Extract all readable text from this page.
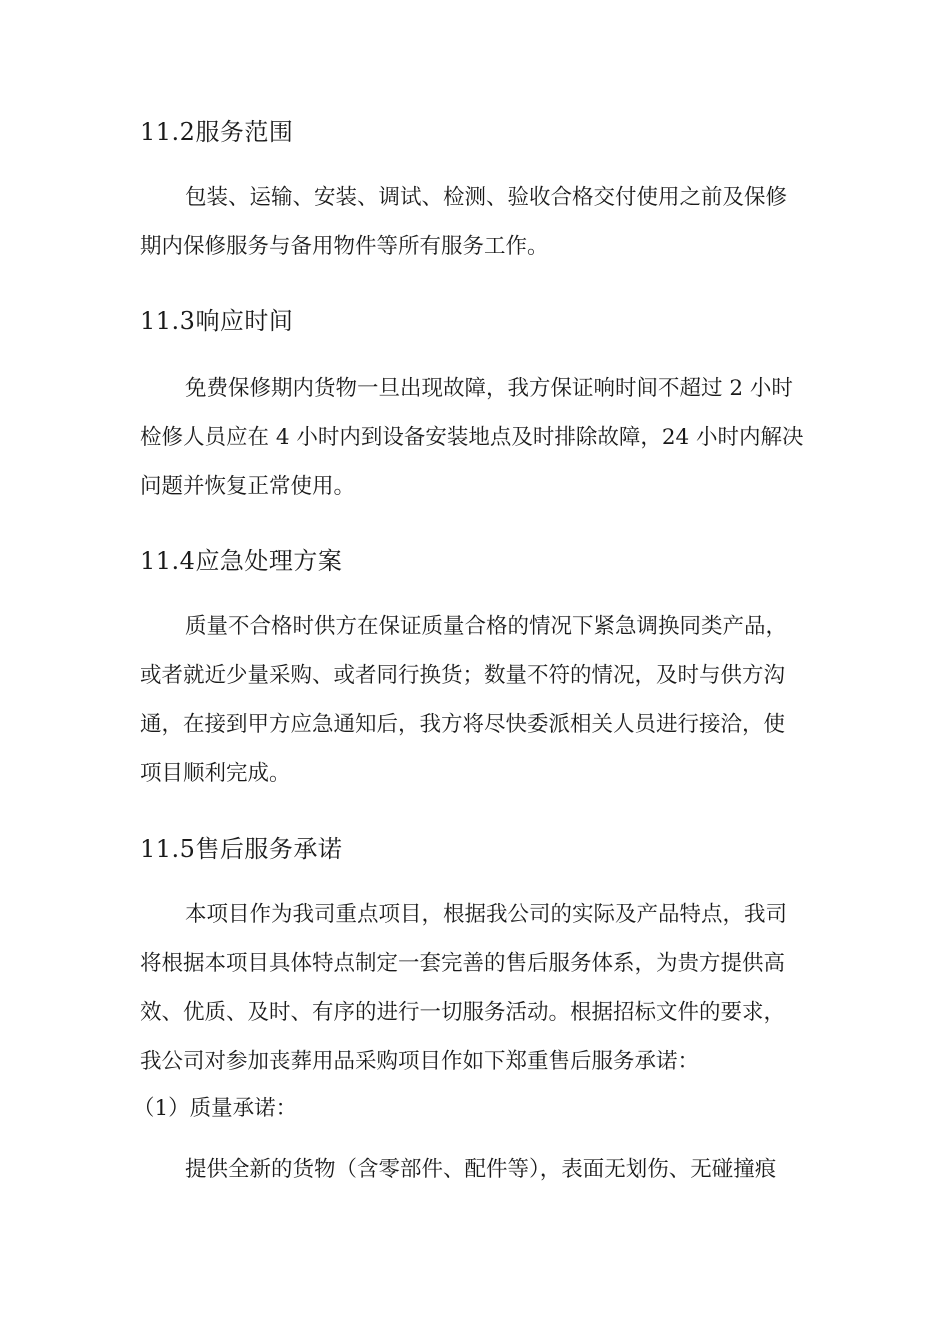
11.2服务范围
包装、运输、安装、调试、检测、验收合格交付使用之前及保修
期内保修服务与备用物件等所有服务工作。
11.3响应时间
免费保修期内货物一旦出现故障，我方保证响时间不超过 2 小时
检修人员应在 4 小时内到设备安装地点及时排除故障，24 小时内解决
问题并恢复正常使用。
11.4应急处理方案
质量不合格时供方在保证质量合格的情况下紧急调换同类产品，
或者就近少量采购、或者同行换货；数量不符的情况，及时与供方沟
通，在接到甲方应急通知后，我方将尽快委派相关人员进行接洽，使
项目顺利完成。
11.5售后服务承诺
本项目作为我司重点项目，根据我公司的实际及产品特点，我司
将根据本项目具体特点制定一套完善的售后服务体系，为贵方提供高
效、优质、及时、有序的进行一切服务活动。根据招标文件的要求，
我公司对参加丧葬用品采购项目作如下郑重售后服务承诺：
（1）质量承诺：
提供全新的货物（含零部件、配件等），表面无划伤、无碰撞痕
